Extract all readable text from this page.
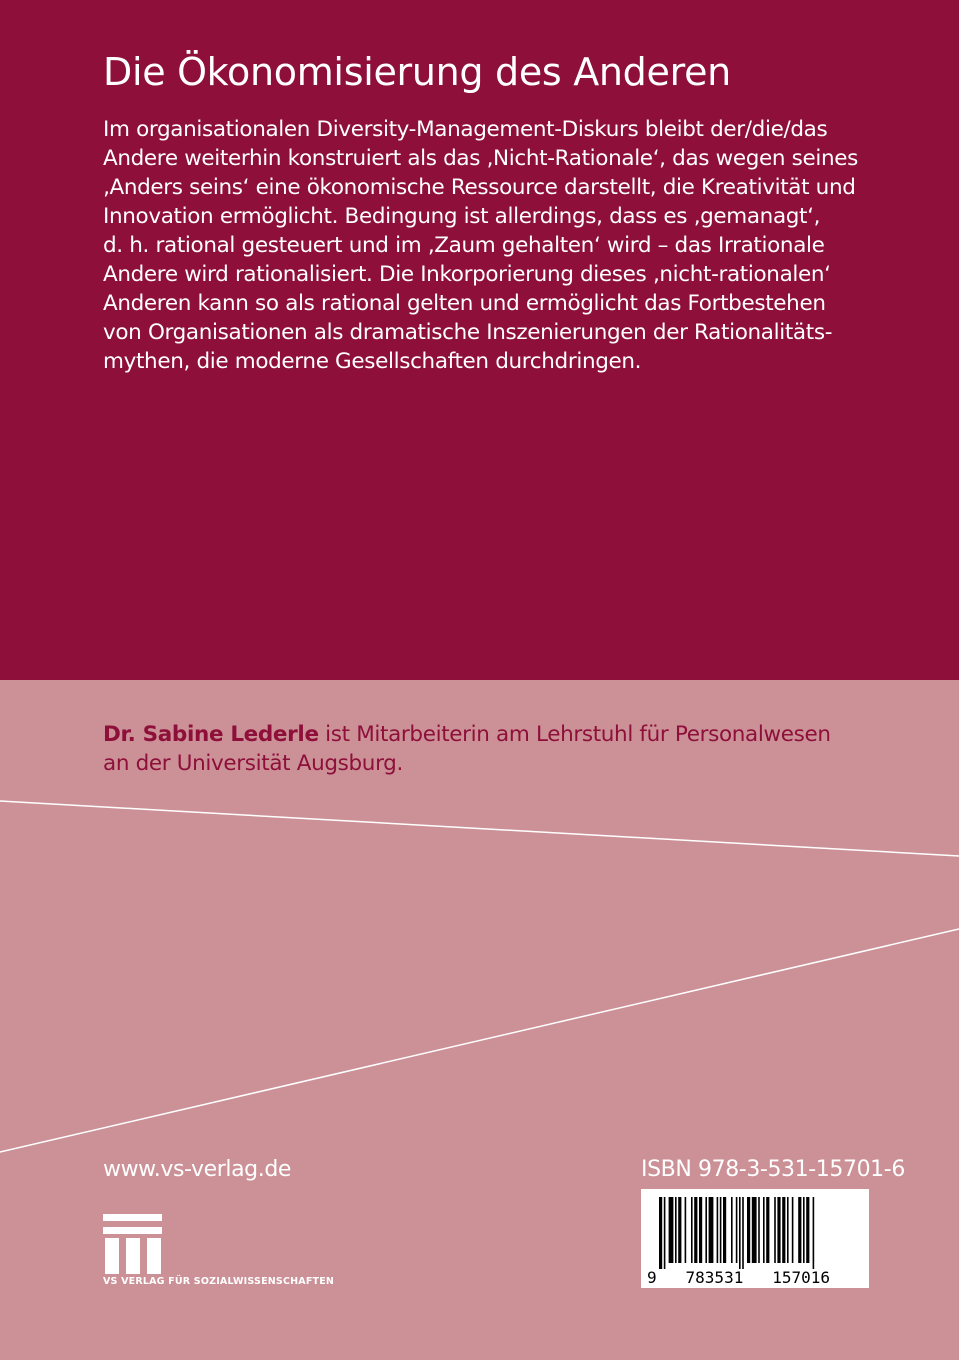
Die Ökonomisierung des Anderen
Im organisationalen Diversity-Management-Diskurs bleibt der/die/das
Andere weiterhin konstruiert als das ‚Nicht-Rationale‘, das wegen seines
‚Anders seins‘ eine ökonomische Ressource darstellt, die Kreativität und
Innovation ermöglicht. Bedingung ist allerdings, dass es ‚gemanagt‘,
d. h. rational gesteuert und im ‚Zaum gehalten‘ wird – das Irrationale
Andere wird rationalisiert. Die Inkorporierung dieses ‚nicht-rationalen‘
Anderen kann so als rational gelten und ermöglicht das Fortbestehen
von Organisationen als dramatische Inszenierungen der Rationalitäts-
mythen, die moderne Gesellschaften durchdringen.
Dr. Sabine Lederle ist Mitarbeiterin am Lehrstuhl für Personalwesen
an der Universität Augsburg.

www.vs-verlag.de

VS VERLAG FÜR SOZIALWISSENSCHAFTEN

ISBN 978-3-531-15701-6

9   783531   157016
